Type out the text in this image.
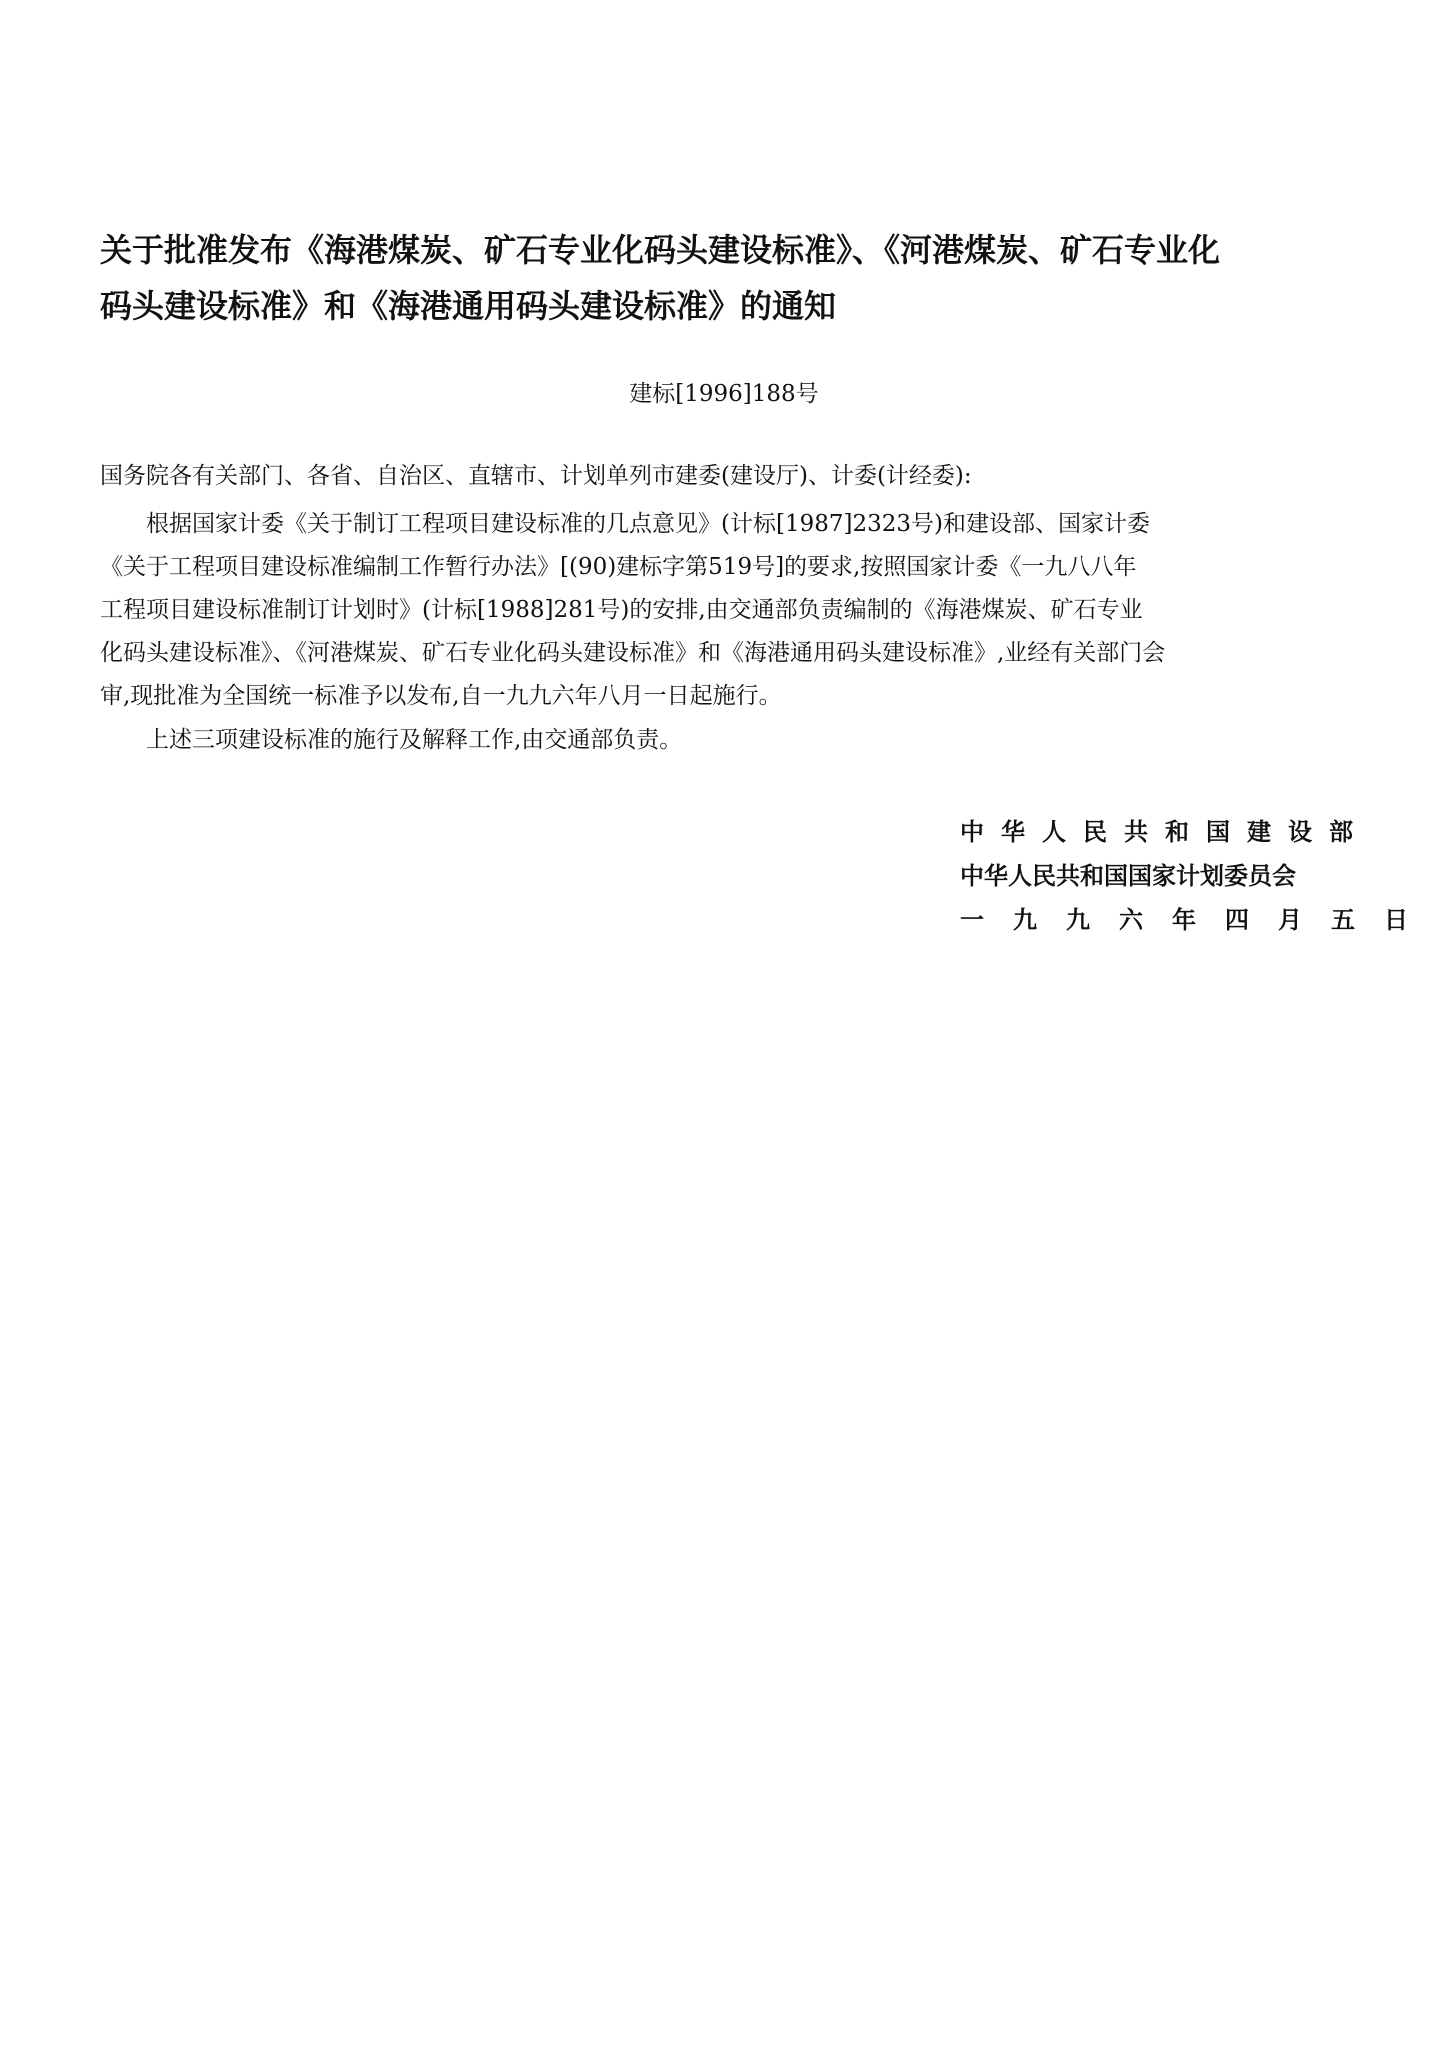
关于批准发布《海港煤炭、矿石专业化码头建设标准》、《河港煤炭、矿石专业化
码头建设标准》和《海港通用码头建设标准》的通知
建标[1996]188号
国务院各有关部门、各省、自治区、直辖市、计划单列市建委(建设厅)、计委(计经委):

　　根据国家计委《关于制订工程项目建设标准的几点意见》(计标[1987]2323号)和建设部、国家计委
《关于工程项目建设标准编制工作暂行办法》[(90)建标字第519号]的要求,按照国家计委《一九八八年
工程项目建设标准制订计划时》(计标[1988]281号)的安排,由交通部负责编制的《海港煤炭、矿石专业
化码头建设标准》、《河港煤炭、矿石专业化码头建设标准》和《海港通用码头建设标准》,业经有关部门会
审,现批准为全国统一标准予以发布,自一九九六年八月一日起施行。

　　上述三项建设标准的施行及解释工作,由交通部负责。

中华人民共和国建设部
中华人民共和国国家计划委员会
一九九六年四月五日
